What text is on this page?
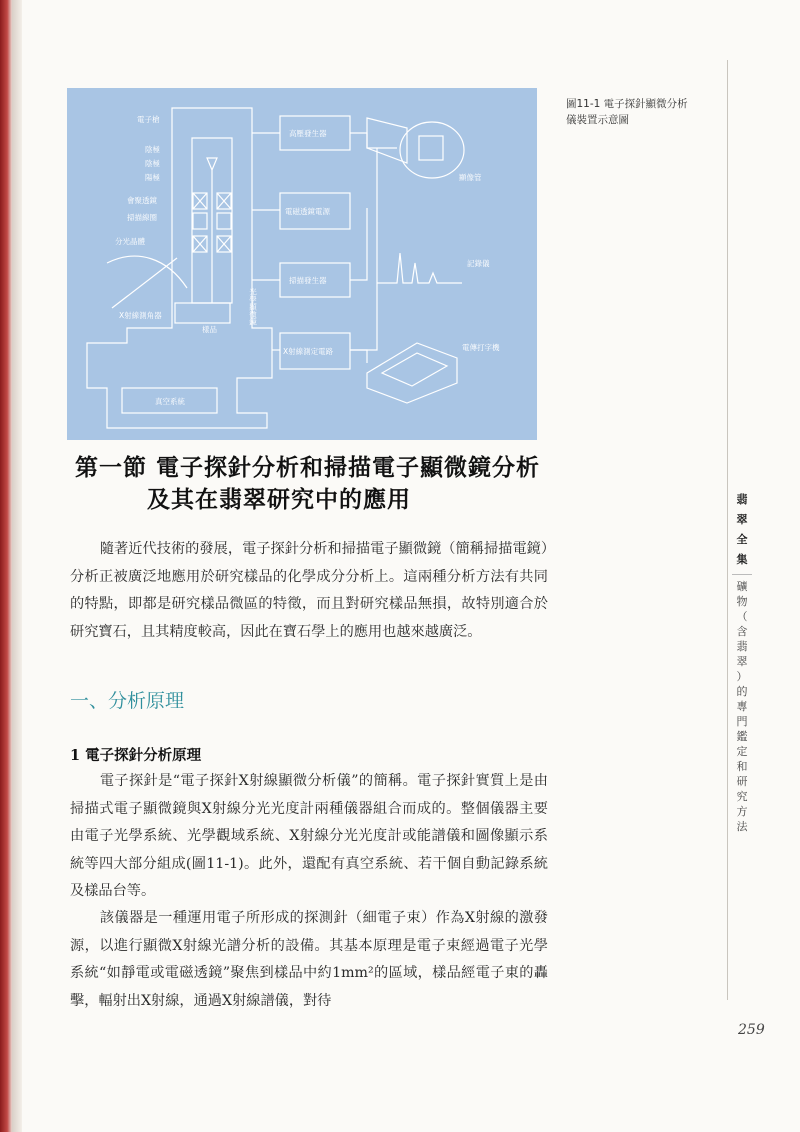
電子槍
陰極
陰極
陽極
會聚透鏡
掃描線圈
分光晶體
X射線測角器
樣品
光學顯微鏡
真空系統
高壓發生器
電磁透鏡電源
掃描發生器
X射線測定電路
顯像管
記錄儀
電傳打字機
圖11-1 電子探針顯微分析
儀裝置示意圖
翡
翠
全
集
礦
物
（
含
翡
翠
）
的
專
門
鑑
定
和
研
究
方
法
第一節 電子探針分析和掃描電子顯微鏡分析
及其在翡翠研究中的應用

隨著近代技術的發展，電子探針分析和掃描電子顯微鏡（簡稱掃描電鏡）分析正被廣泛地應用於研究樣品的化學成分分析上。這兩種分析方法有共同的特點，即都是研究樣品微區的特徵，而且對研究樣品無損，故特別適合於研究寶石，且其精度較高，因此在寶石學上的應用也越來越廣泛。

一、分析原理
1 電子探針分析原理

電子探針是“電子探針X射線顯微分析儀”的簡稱。電子探針實質上是由掃描式電子顯微鏡與X射線分光光度計兩種儀器組合而成的。整個儀器主要由電子光學系統、光學觀域系統、X射線分光光度計或能譜儀和圖像顯示系統等四大部分組成(圖11-1)。此外，還配有真空系統、若干個自動記錄系統及樣品台等。

該儀器是一種運用電子所形成的探測針（細電子束）作為X射線的激發源，以進行顯微X射線光譜分析的設備。其基本原理是電子束經過電子光學系統“如靜電或電磁透鏡”聚焦到樣品中約1mm²的區域，樣品經電子東的轟擊，輻射出X射線，通過X射線譜儀，對待

259
